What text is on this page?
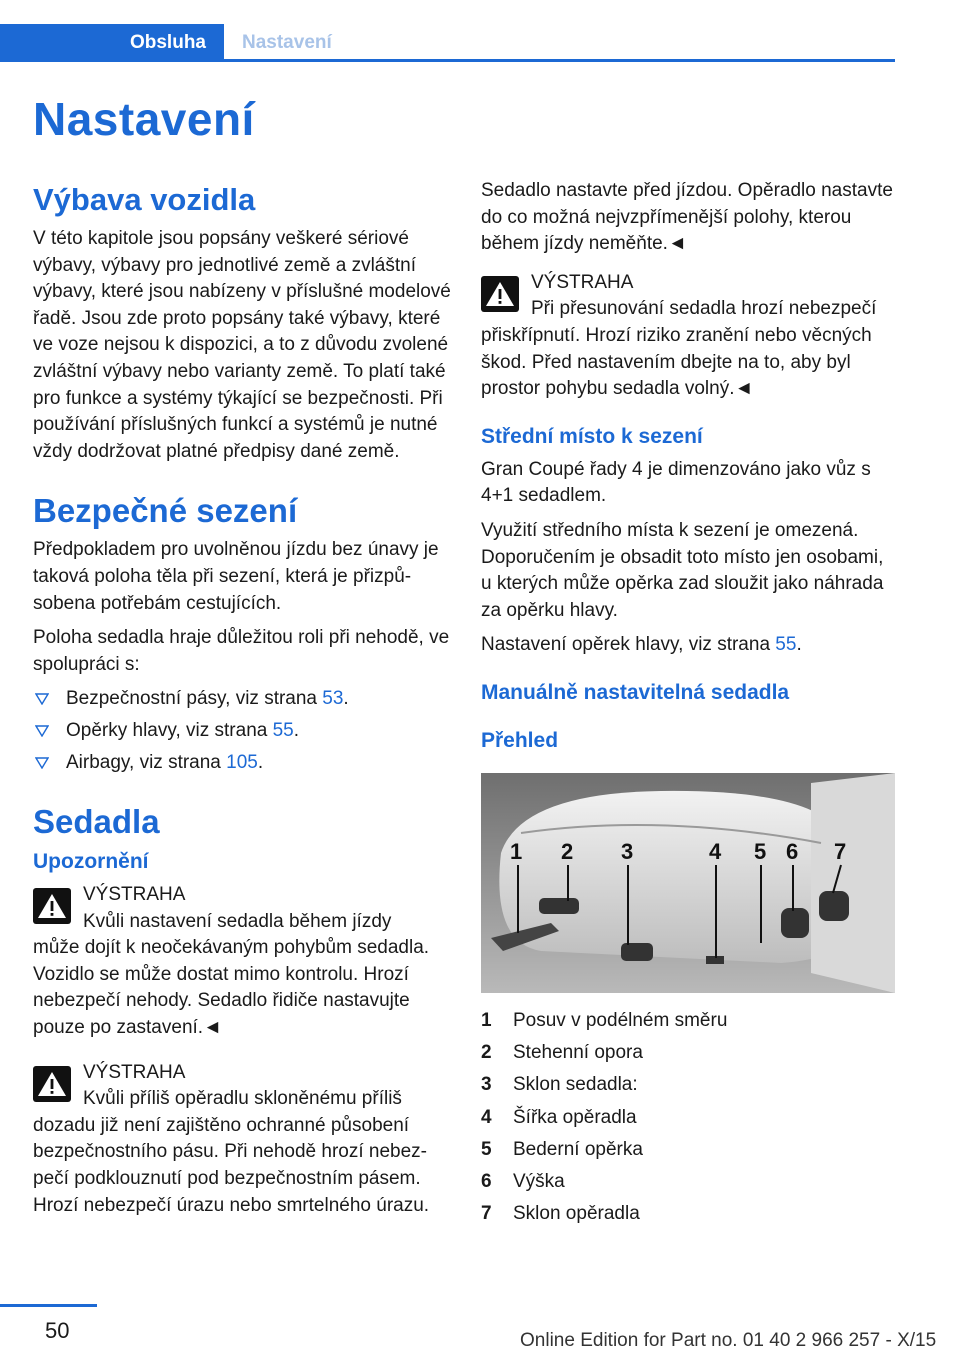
Obsluha Nastavení
Nastavení
Výbava vozidla

V této kapitole jsou popsány veškeré sériové výbavy, výbavy pro jednotlivé země a zvláštní výbavy, které jsou nabízeny v příslušné modelové řadě. Jsou zde proto popsány také výbavy, které ve voze nejsou k dispozici, a to z důvodu zvolené zvláštní výbavy nebo varianty země. To platí také pro funkce a systémy týkající se bezpečnosti. Při používání příslušných funkcí a systémů je nutné vždy dodržovat platné předpisy dané země.

Bezpečné sezení

Předpokladem pro uvolněnou jízdu bez únavy je taková poloha těla při sezení, která je přizpůsobena potřebám cestujících.

Poloha sedadla hraje důležitou roli při nehodě, ve spolupráci s:

Bezpečnostní pásy, viz strana 53.
Opěrky hlavy, viz strana 55.
Airbagy, viz strana 105.
Sedadla
Upozornění
VÝSTRAHA
Kvůli nastavení sedadla během jízdy
může dojít k neočekávaným pohybům sedadla. Vozidlo se může dostat mimo kontrolu. Hrozí nebezpečí nehody. Sedadlo řidiče nastavujte pouze po zastavení.◄
VÝSTRAHA
Kvůli příliš opěradlu skloněnému příliš
dozadu již není zajištěno ochranné působení bezpečnostního pásu. Při nehodě hrozí nebezpečí podklouznutí pod bezpečnostním pásem. Hrozí nebezpečí úrazu nebo smrtelného úrazu.

Sedadlo nastavte před jízdou. Opěradlo nastavte do co možná nejvzpřímenější polohy, kterou během jízdy neměňte.◄

VÝSTRAHA
Při přesunování sedadla hrozí nebezpečí
přiskřípnutí. Hrozí riziko zranění nebo věcných škod. Před nastavením dbejte na to, aby byl prostor pohybu sedadla volný.◄
Střední místo k sezení

Gran Coupé řady 4 je dimenzováno jako vůz s 4+1 sedadlem.

Využití středního místa k sezení je omezená. Doporučením je obsadit toto místo jen osobami, u kterých může opěrka zad sloužit jako náhrada za opěrku hlavy.

Nastavení opěrek hlavy, viz strana 55.

Manuálně nastavitelná sedadla
Přehled
1 2 3	4 5 6 7
1	Posuv v podélném směru
2	Stehenní opora
3	Sklon sedadla:
4	Šířka opěradla
5	Bederní opěrka
6	Výška
7	Sklon opěradla
50	Online Edition for Part no. 01 40 2 966 257 - X/15
